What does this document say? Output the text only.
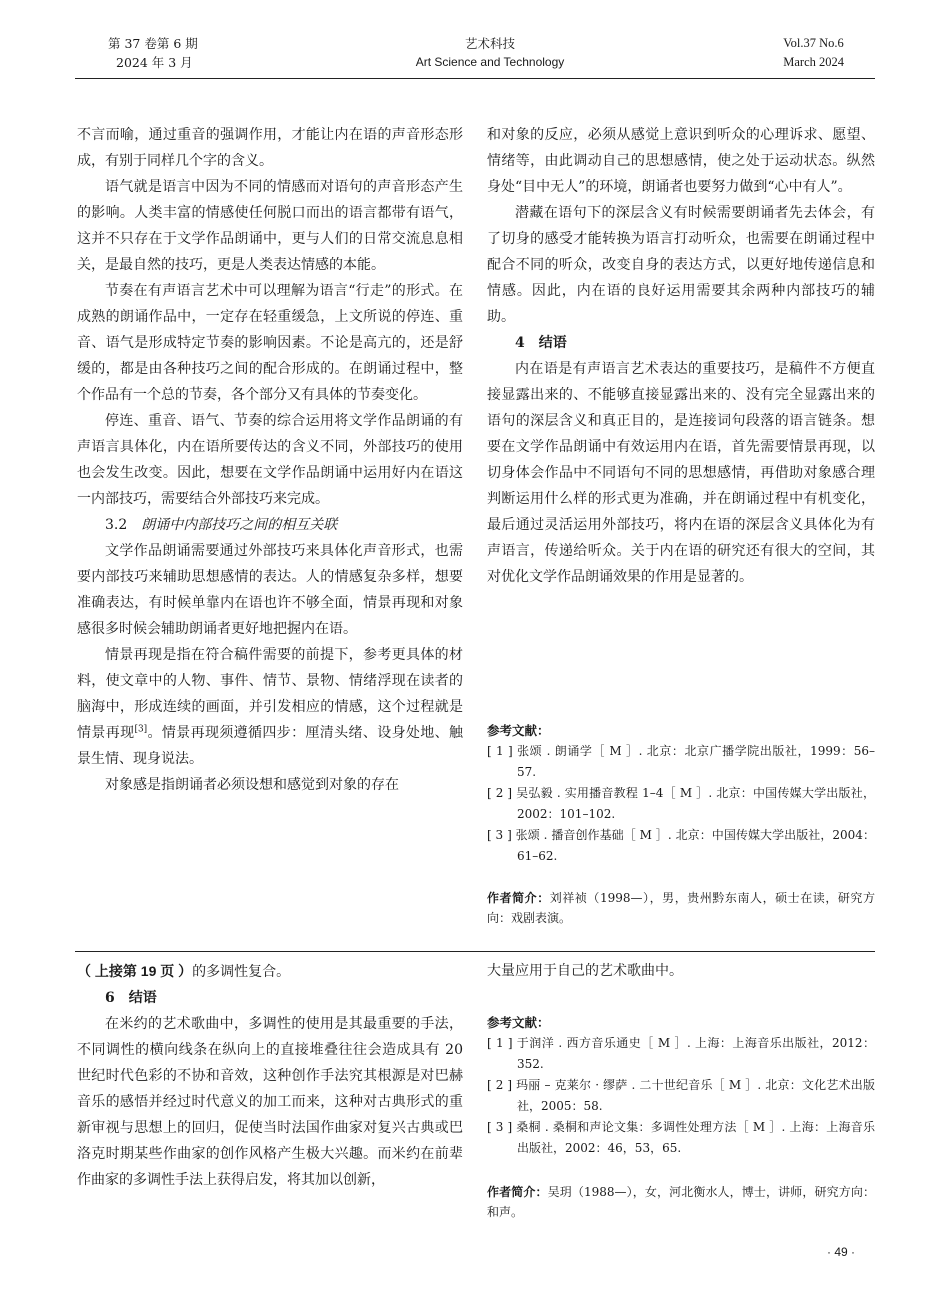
第 37 卷第 6 期
2024 年 3 月
艺术科技
Art Science and Technology
Vol.37 No.6
March 2024

不言而喻，通过重音的强调作用，才能让内在语的声音形态形成，有别于同样几个字的含义。

语气就是语言中因为不同的情感而对语句的声音形态产生的影响。人类丰富的情感使任何脱口而出的语言都带有语气，这并不只存在于文学作品朗诵中，更与人们的日常交流息息相关，是最自然的技巧，更是人类表达情感的本能。

节奏在有声语言艺术中可以理解为语言“行走”的形式。在成熟的朗诵作品中，一定存在轻重缓急，上文所说的停连、重音、语气是形成特定节奏的影响因素。不论是高亢的，还是舒缓的，都是由各种技巧之间的配合形成的。在朗诵过程中，整个作品有一个总的节奏，各个部分又有具体的节奏变化。

停连、重音、语气、节奏的综合运用将文学作品朗诵的有声语言具体化，内在语所要传达的含义不同，外部技巧的使用也会发生改变。因此，想要在文学作品朗诵中运用好内在语这一内部技巧，需要结合外部技巧来完成。

3.2 朗诵中内部技巧之间的相互关联

文学作品朗诵需要通过外部技巧来具体化声音形式，也需要内部技巧来辅助思想感情的表达。人的情感复杂多样，想要准确表达，有时候单靠内在语也许不够全面，情景再现和对象感很多时候会辅助朗诵者更好地把握内在语。

情景再现是指在符合稿件需要的前提下，参考更具体的材料，使文章中的人物、事件、情节、景物、情绪浮现在读者的脑海中，形成连续的画面，并引发相应的情感，这个过程就是情景再现[3]。情景再现须遵循四步：厘清头绪、设身处地、触景生情、现身说法。

对象感是指朗诵者必须设想和感觉到对象的存在

和对象的反应，必须从感觉上意识到听众的心理诉求、愿望、情绪等，由此调动自己的思想感情，使之处于运动状态。纵然身处“目中无人”的环境，朗诵者也要努力做到“心中有人”。

潜藏在语句下的深层含义有时候需要朗诵者先去体会，有了切身的感受才能转换为语言打动听众，也需要在朗诵过程中配合不同的听众，改变自身的表达方式，以更好地传递信息和情感。因此，内在语的良好运用需要其余两种内部技巧的辅助。

4 结语

内在语是有声语言艺术表达的重要技巧，是稿件不方便直接显露出来的、不能够直接显露出来的、没有完全显露出来的语句的深层含义和真正目的，是连接词句段落的语言链条。想要在文学作品朗诵中有效运用内在语，首先需要情景再现，以切身体会作品中不同语句不同的思想感情，再借助对象感合理判断运用什么样的形式更为准确，并在朗诵过程中有机变化，最后通过灵活运用外部技巧，将内在语的深层含义具体化为有声语言，传递给听众。关于内在语的研究还有很大的空间，其对优化文学作品朗诵效果的作用是显著的。

参考文献：

[ 1 ] 张颂 . 朗诵学［ M ］. 北京：北京广播学院出版社，1999：56–57.

[ 2 ] 吴弘毅 . 实用播音教程 1–4［ M ］. 北京：中国传媒大学出版社，2002：101–102.

[ 3 ] 张颂 . 播音创作基础［ M ］. 北京：中国传媒大学出版社，2004：61–62.

作者简介：刘祥祯（1998—），男，贵州黔东南人，硕士在读，研究方向：戏剧表演。

（ 上接第 19 页 ）的多调性复合。

6 结语

在米约的艺术歌曲中，多调性的使用是其最重要的手法，不同调性的横向线条在纵向上的直接堆叠往往会造成具有 20 世纪时代色彩的不协和音效，这种创作手法究其根源是对巴赫音乐的感悟并经过时代意义的加工而来，这种对古典形式的重新审视与思想上的回归，促使当时法国作曲家对复兴古典或巴洛克时期某些作曲家的创作风格产生极大兴趣。而米约在前辈作曲家的多调性手法上获得启发，将其加以创新，

大量应用于自己的艺术歌曲中。

参考文献：

[ 1 ] 于润洋 . 西方音乐通史［ M ］. 上海：上海音乐出版社，2012：352.

[ 2 ] 玛丽 – 克莱尔 · 缪萨 . 二十世纪音乐［ M ］. 北京：文化艺术出版社，2005：58.

[ 3 ] 桑桐 . 桑桐和声论文集：多调性处理方法［ M ］. 上海：上海音乐出版社，2002：46，53，65.

作者简介：吴玥（1988—），女，河北衡水人，博士，讲师，研究方向：和声。

· 49 ·
